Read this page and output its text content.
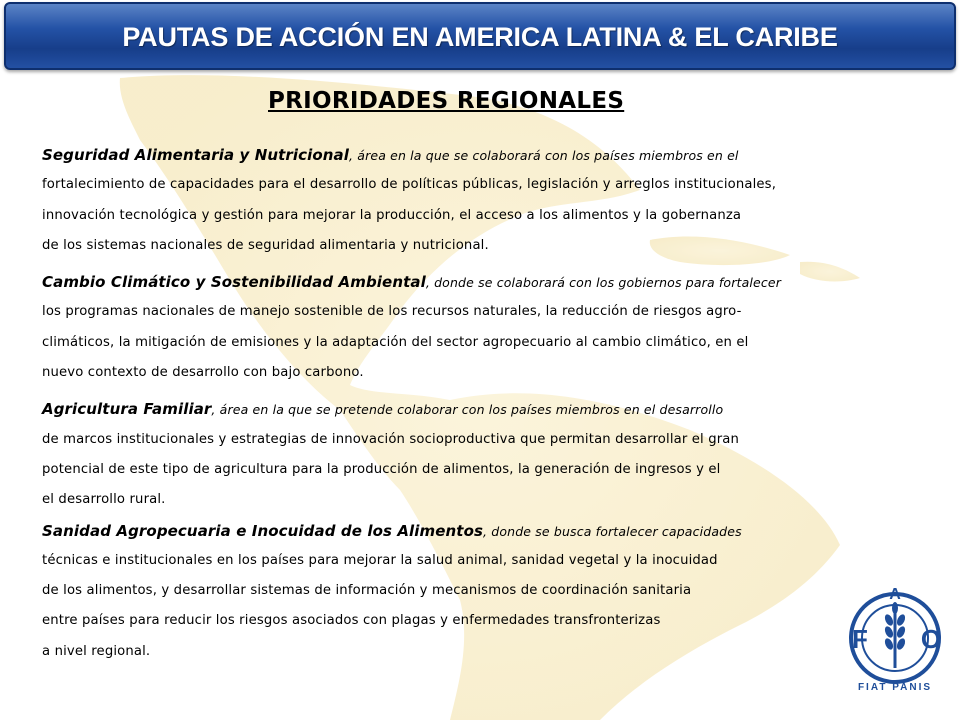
PAUTAS DE ACCIÓN EN AMERICA LATINA & EL CARIBE
PRIORIDADES REGIONALES
Seguridad Alimentaria y Nutricional, área en la que se colaborará con los países miembros en el
fortalecimiento de capacidades para el desarrollo de políticas públicas, legislación y arreglos institucionales,
innovación tecnológica y gestión para mejorar la producción, el acceso a los alimentos y la gobernanza
de los sistemas nacionales de seguridad alimentaria y nutricional.
Cambio Climático y Sostenibilidad Ambiental, donde se colaborará con los gobiernos para fortalecer
los programas nacionales de manejo sostenible de los recursos naturales, la reducción de riesgos agro-
climáticos, la mitigación de emisiones y la adaptación del sector agropecuario al cambio climático, en el
nuevo contexto de desarrollo con bajo carbono.
Agricultura Familiar, área en la que se pretende colaborar con los países miembros en el desarrollo
de marcos institucionales y estrategias de innovación socioproductiva que permitan desarrollar el gran
potencial de este tipo de agricultura para la producción de alimentos, la generación de ingresos y el
el desarrollo rural.
Sanidad Agropecuaria e Inocuidad de los Alimentos, donde se busca fortalecer capacidades
técnicas e institucionales en los países para mejorar la salud animal, sanidad vegetal y la inocuidad
de los alimentos, y desarrollar sistemas de información y mecanismos de coordinación sanitaria
entre países para reducir los riesgos asociados con plagas y enfermedades transfronterizas
a nivel regional.	F
A
O
FIAT PANIS
